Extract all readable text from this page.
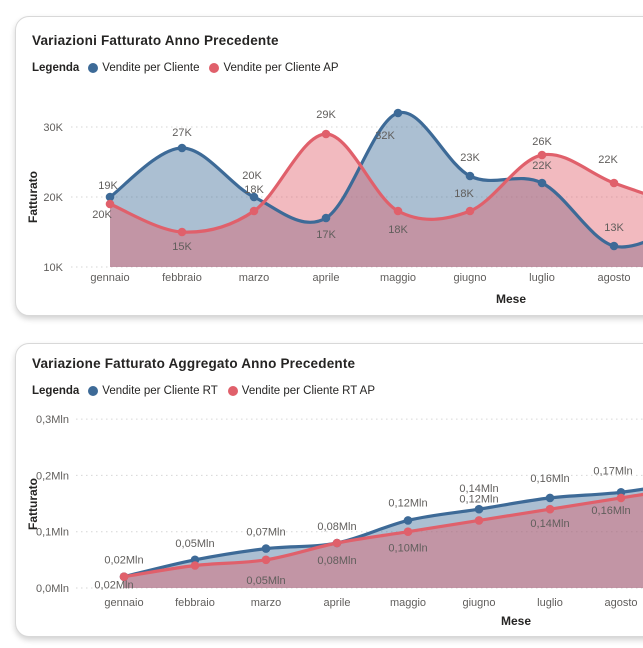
Variazioni Fatturato Anno Precedente
Legenda Vendite per Cliente Vendite per Cliente AP
30K
20K
10K
19K
27K
20K
17K
32K
23K
22K
13K
20K
15K
18K
29K
18K
18K
26K
22K
gennaio	febbraio	marzo	aprile	maggio	giugno	luglio	agosto
Mese
Fatturato
Variazione Fatturato Aggregato Anno Precedente
Legenda Vendite per Cliente RT Vendite per Cliente RT AP
0,3Mln
0,2Mln
0,1Mln
0,0Mln
0,02Mln
0,05Mln
0,07Mln	0,08Mln
0,12Mln
0,14Mln
0,16Mln
0,17Mln
0,02Mln	0,05Mln
0,08Mln
0,10Mln
0,12Mln
0,14Mln
0,16Mln
gennaio	febbraio	marzo	aprile	maggio	giugno	luglio	agosto
Mese
Fatturato
